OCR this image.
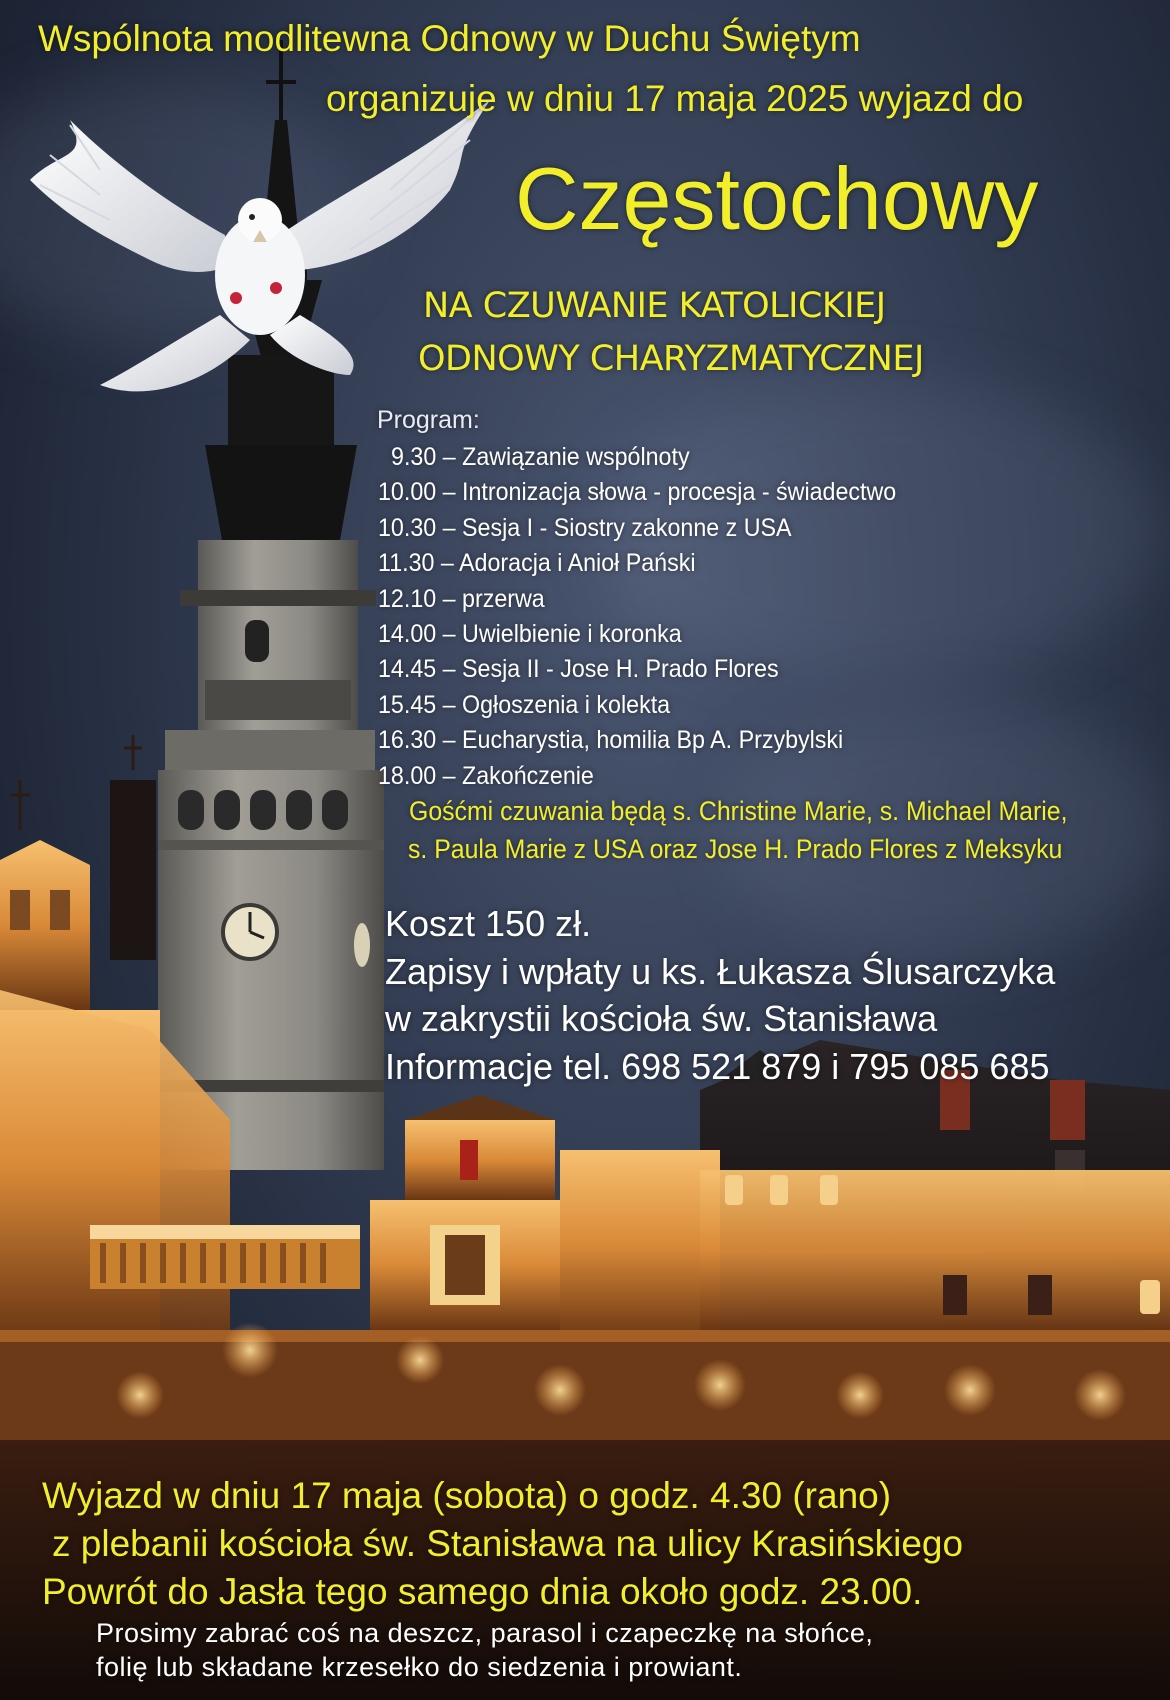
Wspólnota modlitewna Odnowy w Duchu Świętym

organizuje w dniu 17 maja 2025 wyjazd do

Częstochowy

NA CZUWANIE KATOLICKIEJ

ODNOWY CHARYZMATYCZNEJ

Program:

9.30 – Zawiązanie wspólnoty
10.00 – Intronizacja słowa - procesja - świadectwo
10.30 – Sesja I - Siostry zakonne z USA
11.30 – Adoracja i Anioł Pański
12.10 – przerwa
14.00 – Uwielbienie i koronka
14.45 – Sesja II - Jose H. Prado Flores
15.45 – Ogłoszenia i kolekta
16.30 – Eucharystia, homilia Bp A. Przybylski
18.00 – Zakończenie

Gośćmi czuwania będą s. Christine Marie, s. Michael Marie,

s. Paula Marie z USA oraz Jose H. Prado Flores z Meksyku

Koszt 150 zł.

Zapisy i wpłaty u ks. Łukasza Ślusarczyka

w zakrystii kościoła św. Stanisława

Informacje tel. 698 521 879 i 795 085 685

Wyjazd w dniu 17 maja (sobota) o godz. 4.30 (rano)

z plebanii kościoła św. Stanisława na ulicy Krasińskiego

Powrót do Jasła tego samego dnia około godz. 23.00.

Prosimy zabrać coś na deszcz, parasol i czapeczkę na słońce,

folię lub składane krzesełko do siedzenia i prowiant.
